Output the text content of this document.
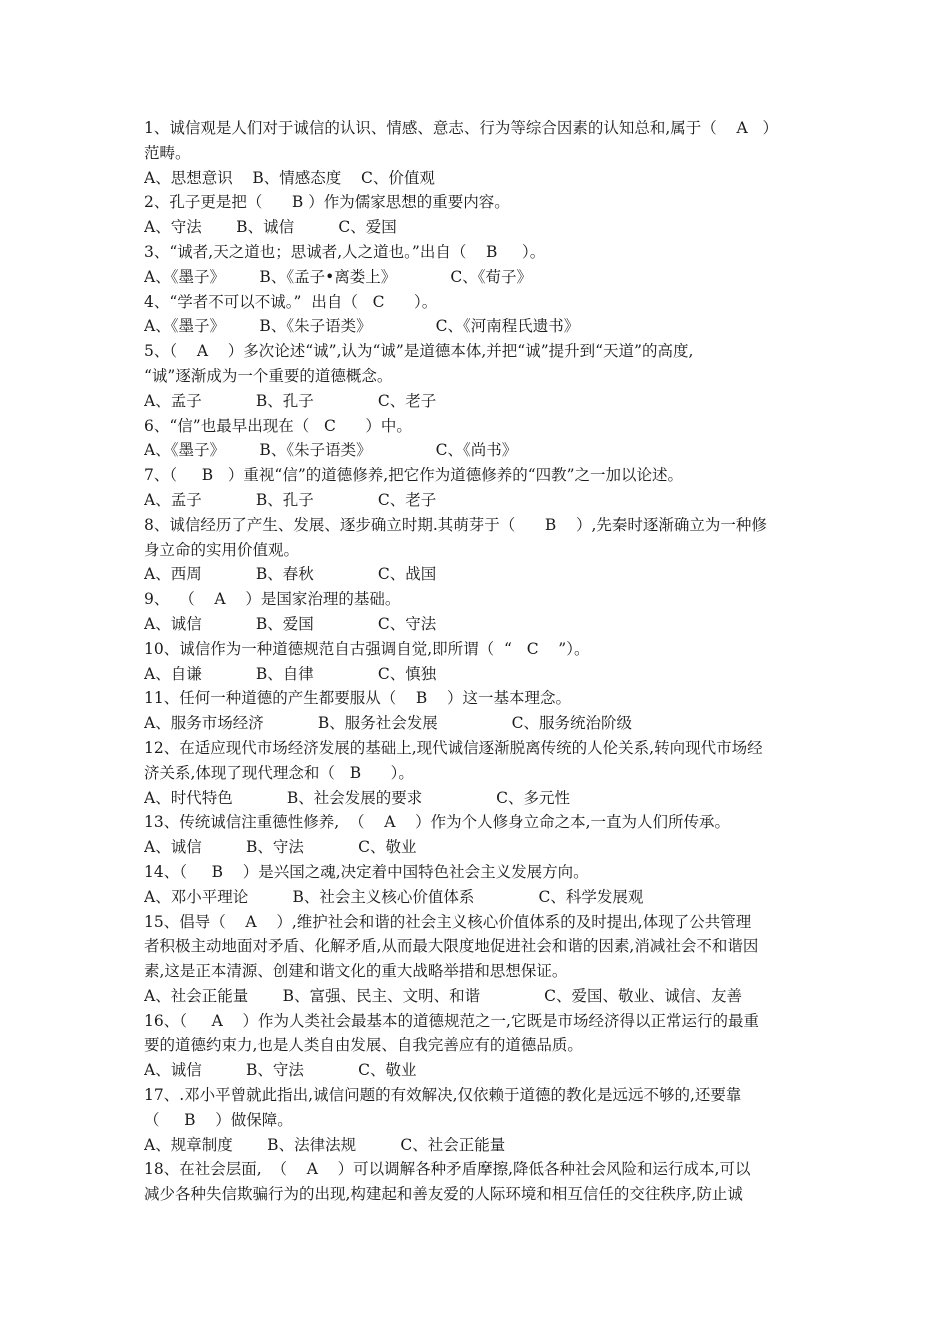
1、诚信观是人们对于诚信的认识、情感、意志、行为等综合因素的认知总和,属于（    A   ）
范畴。
A、思想意识    B、情感态度    C、价值观
2、孔子更是把（      B ）作为儒家思想的重要内容。
A、守法       B、诚信         C、爱国
3、“诚者,天之道也；思诚者,人之道也。”出自（    B     ）。
A、《墨子》       B、《孟子•离娄上》           C、《荀子》
4、“学者不可以不诚。”  出自（   C      ）。
A、《墨子》       B、《朱子语类》             C、《河南程氏遗书》
5、（    A    ）多次论述“诚”,认为“诚”是道德本体,并把“诚”提升到“天道”的高度,
“诚”逐渐成为一个重要的道德概念。
A、孟子           B、孔子             C、老子
6、“信”也最早出现在（   C      ）中。
A、《墨子》       B、《朱子语类》             C、《尚书》
7、（     B   ）重视“信”的道德修养,把它作为道德修养的“四教”之一加以论述。
A、孟子           B、孔子             C、老子
8、诚信经历了产生、发展、逐步确立时期.其萌芽于（      B    ）,先秦时逐渐确立为一种修
身立命的实用价值观。
A、西周           B、春秋             C、战国
9、  （    A    ）是国家治理的基础。
A、诚信           B、爱国             C、守法
10、诚信作为一种道德规范自古强调自觉,即所谓（  “   C    ”）。
A、自谦           B、自律             C、慎独
11、任何一种道德的产生都要服从（    B    ）这一基本理念。
A、服务市场经济           B、服务社会发展               C、服务统治阶级
12、在适应现代市场经济发展的基础上,现代诚信逐渐脱离传统的人伦关系,转向现代市场经
济关系,体现了现代理念和（   B      ）。
A、时代特色           B、社会发展的要求               C、多元性
13、传统诚信注重德性修养,  （    A    ）作为个人修身立命之本,一直为人们所传承。
A、诚信         B、守法           C、敬业
14、（     B    ）是兴国之魂,决定着中国特色社会主义发展方向。
A、邓小平理论         B、社会主义核心价值体系             C、科学发展观
15、倡导（    A    ）,维护社会和谐的社会主义核心价值体系的及时提出,体现了公共管理
者积极主动地面对矛盾、化解矛盾,从而最大限度地促进社会和谐的因素,消减社会不和谐因
素,这是正本清源、创建和谐文化的重大战略举措和思想保证。
A、社会正能量       B、富强、民主、文明、和谐             C、爱国、敬业、诚信、友善
16、（     A    ）作为人类社会最基本的道德规范之一,它既是市场经济得以正常运行的最重
要的道德约束力,也是人类自由发展、自我完善应有的道德品质。
A、诚信         B、守法           C、敬业
17、.邓小平曾就此指出,诚信问题的有效解决,仅依赖于道德的教化是远远不够的,还要靠
（     B    ）做保障。
A、规章制度       B、法律法规         C、社会正能量
18、在社会层面,  （    A    ）可以调解各种矛盾摩擦,降低各种社会风险和运行成本,可以
减少各种失信欺骗行为的出现,构建起和善友爱的人际环境和相互信任的交往秩序,防止诚
